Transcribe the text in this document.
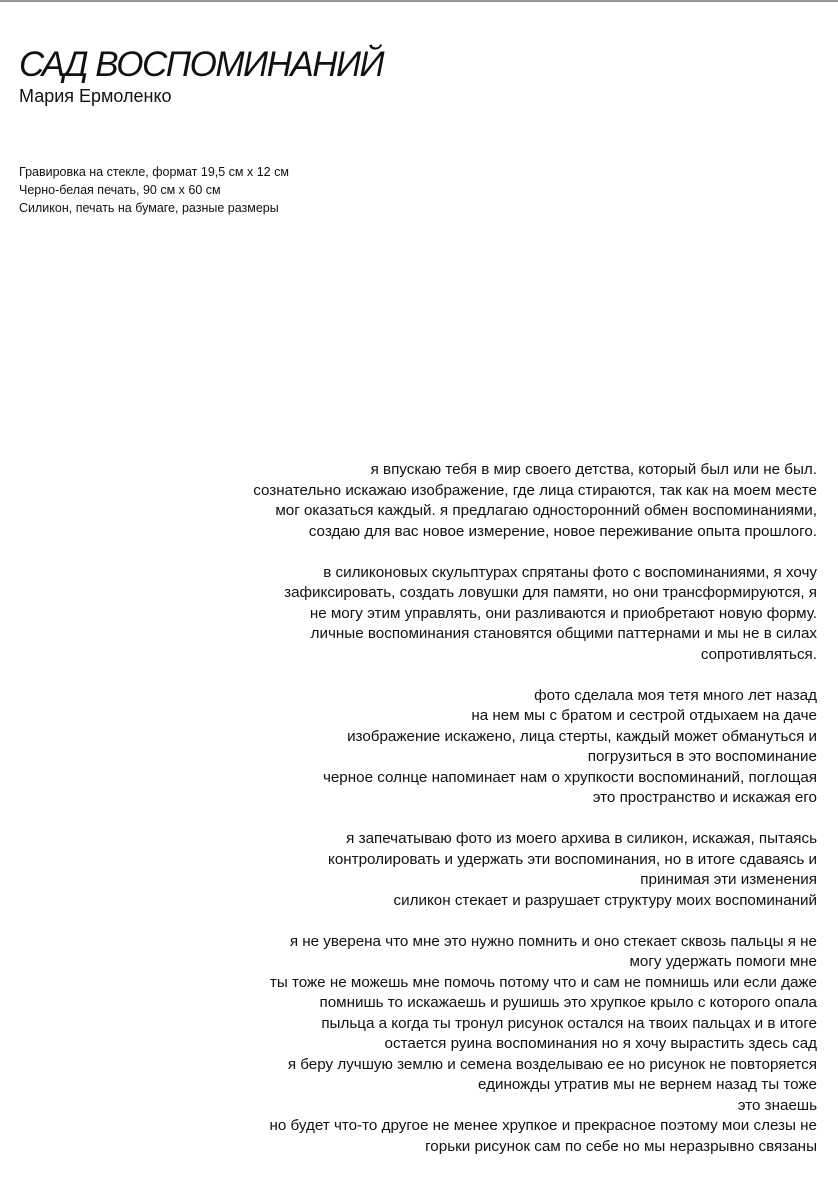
САД ВОСПОМИНАНИЙ
Мария Ермоленко
Гравировка на стекле, формат 19,5 см х 12 см
Черно-белая печать, 90 см х 60 см
Силикон, печать на бумаге, разные размеры
я впускаю тебя в мир своего детства, который был или не был.
сознательно искажаю изображение, где лица стираются, так как на моем месте
мог оказаться каждый. я предлагаю односторонний обмен воспоминаниями,
создаю для вас новое измерение, новое переживание опыта прошлого.
в силиконовых скульптурах спрятаны фото с воспоминаниями, я хочу
зафиксировать, создать ловушки для памяти, но они трансформируются, я
не могу этим управлять, они разливаются и приобретают новую форму.
личные воспоминания становятся общими паттернами и мы не в силах
сопротивляться.
фото сделала моя тетя много лет назад
на нем мы с братом и сестрой отдыхаем на даче
изображение искажено, лица стерты, каждый может обмануться и
погрузиться в это воспоминание
черное солнце напоминает нам о хрупкости воспоминаний, поглощая
это пространство и искажая его
я запечатываю фото из моего архива в силикон, искажая, пытаясь
контролировать и удержать эти воспоминания, но в итоге сдаваясь и
принимая эти изменения
силикон стекает и разрушает структуру моих воспоминаний
я не уверена что мне это нужно помнить и оно стекает сквозь пальцы я не
могу удержать помоги мне
ты тоже не можешь мне помочь потому что и сам не помнишь или если даже
помнишь то искажаешь и рушишь это хрупкое крыло с которого опала
пыльца а когда ты тронул рисунок остался на твоих пальцах и в итоге
остается руина воспоминания но я хочу вырастить здесь сад
я беру лучшую землю и семена возделываю ее но рисунок не повторяется
единожды утратив мы не вернем назад ты тоже
это знаешь
но будет что-то другое не менее хрупкое и прекрасное поэтому мои слезы не
горьки рисунок сам по себе но мы неразрывно связаны
